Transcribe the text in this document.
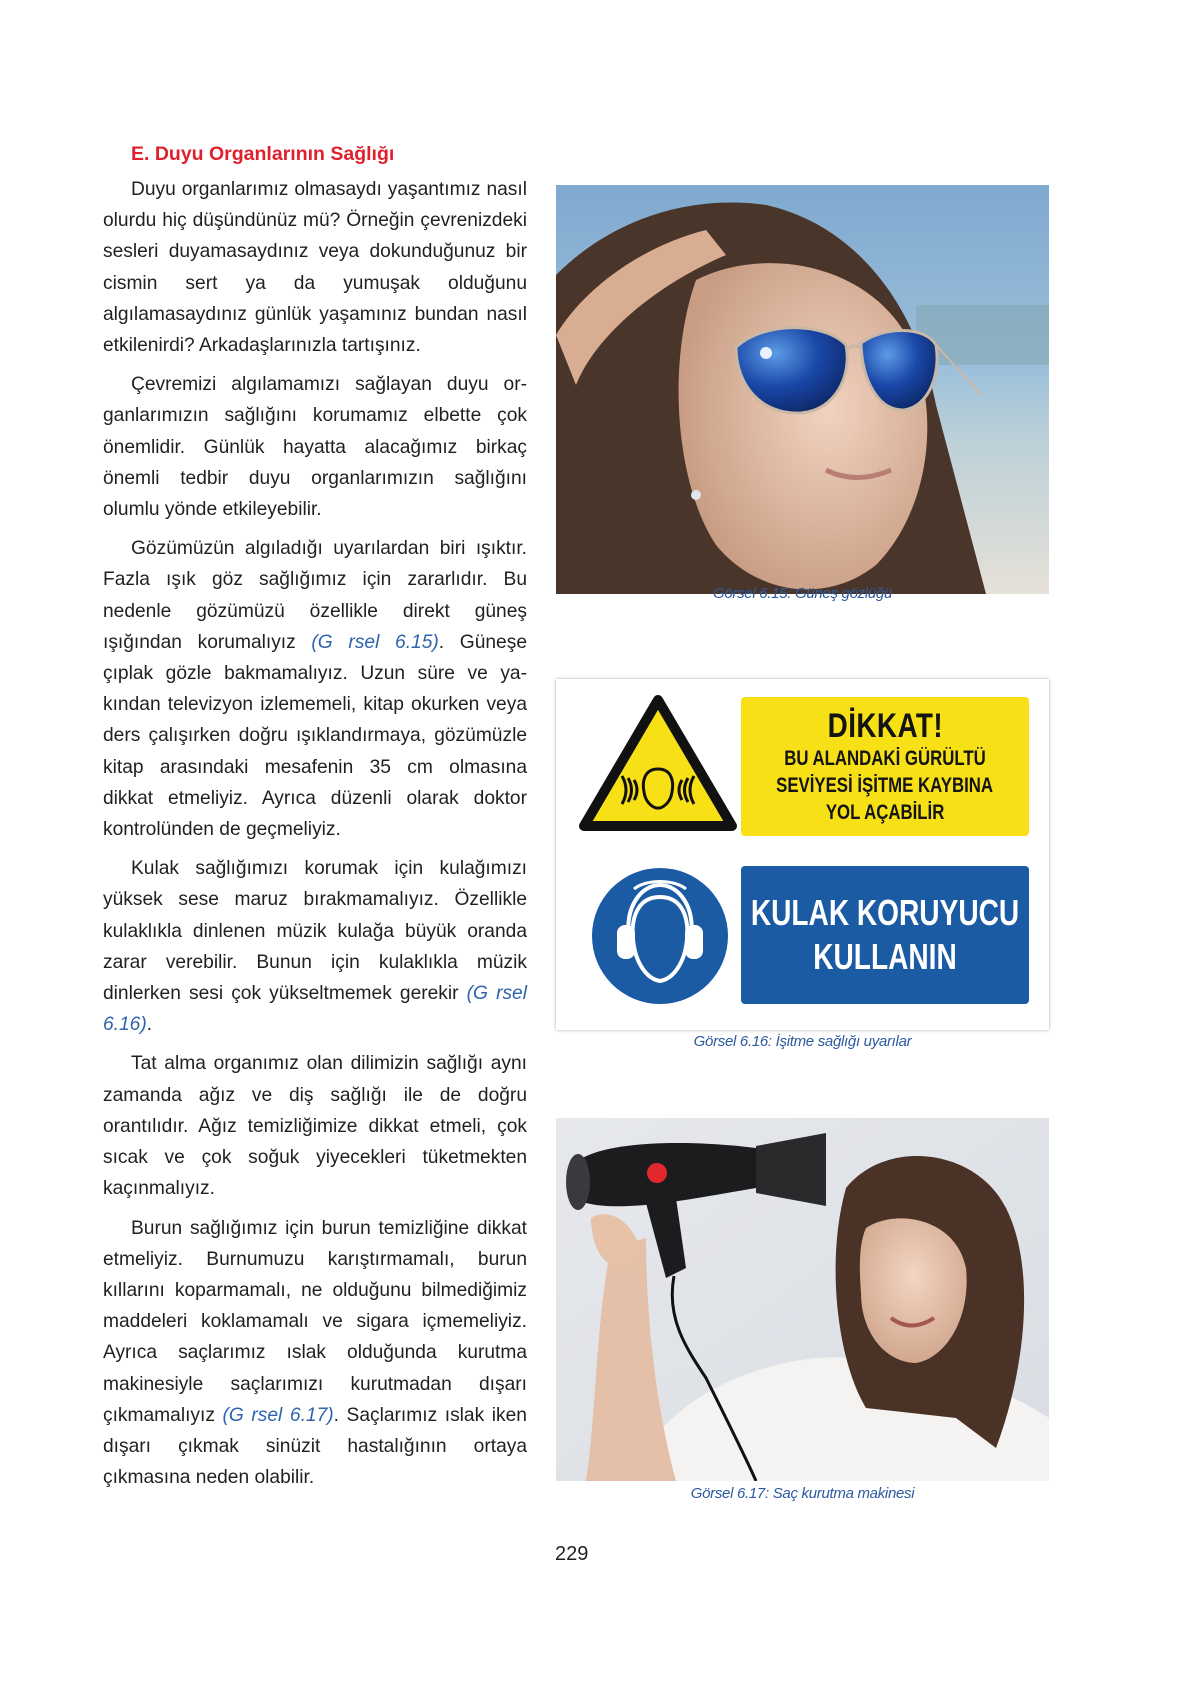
E. Duyu Organlarının Sağlığı

Duyu organlarımız olmasaydı yaşantımız nasıl olurdu hiç düşündünüz mü? Örneğin çevrenizdeki sesleri duyamasaydınız veya dokunduğunuz bir cismin sert ya da yumuşak olduğunu algılamasaydınız günlük yaşamınız bundan nasıl etkilenirdi? Arkadaşlarınızla tartışınız.

Çevremizi algılamamızı sağlayan duyu organlarımızın sağlığını korumamız elbette çok önemlidir. Günlük hayatta alacağımız birkaç önemli tedbir duyu organlarımızın sağlığını olumlu yönde etkileyebilir.

Gözümüzün algıladığı uyarılardan biri ışıktır. Fazla ışık göz sağlığımız için zararlıdır. Bu nedenle gözümüzü özellikle direkt güneş ışığından korumalıyız (G rsel 6.15). Güneşe çıplak gözle bakmamalıyız. Uzun süre ve yakından televizyon izlememeli, kitap okurken veya ders çalışırken doğru ışıklandırmaya, gözümüzle kitap arasındaki mesafenin 35 cm olmasına dikkat etmeliyiz. Ayrıca düzenli olarak doktor kontrolünden de geçmeliyiz.

Kulak sağlığımızı korumak için kulağımızı yüksek sese maruz bırakmamalıyız. Özellikle kulaklıkla dinlenen müzik kulağa büyük oranda zarar verebilir. Bunun için kulaklıkla müzik dinlerken sesi çok yükseltmemek gerekir (G rsel 6.16).

Tat alma organımız olan dilimizin sağlığı aynı zamanda ağız ve diş sağlığı ile de doğru orantılıdır. Ağız temizliğimize dikkat etmeli, çok sıcak ve çok soğuk yiyecekleri tüketmekten kaçınmalıyız.

Burun sağlığımız için burun temizliğine dikkat etmeliyiz. Burnumuzu karıştırmamalı, burun kıllarını koparmamalı, ne olduğunu bilmediğimiz maddeleri koklamamalı ve sigara içmemeliyiz. Ayrıca saçlarımız ıslak olduğunda kurutma makinesiyle saçlarımızı kurutmadan dışarı çıkmamalıyız (G rsel 6.17). Saçlarımız ıslak iken dışarı çıkmak sinüzit hastalığının ortaya çıkmasına neden olabilir.

Görsel 6.15: Güneş gözlüğü
DİKKAT!
BU ALANDAKİ GÜRÜLTÜ
SEVİYESİ İŞİTME KAYBINA
YOL AÇABİLİR
KULAK KORUYUCU
KULLANIN
Görsel 6.16: İşitme sağlığı uyarılar
Görsel 6.17: Saç kurutma makinesi
229
